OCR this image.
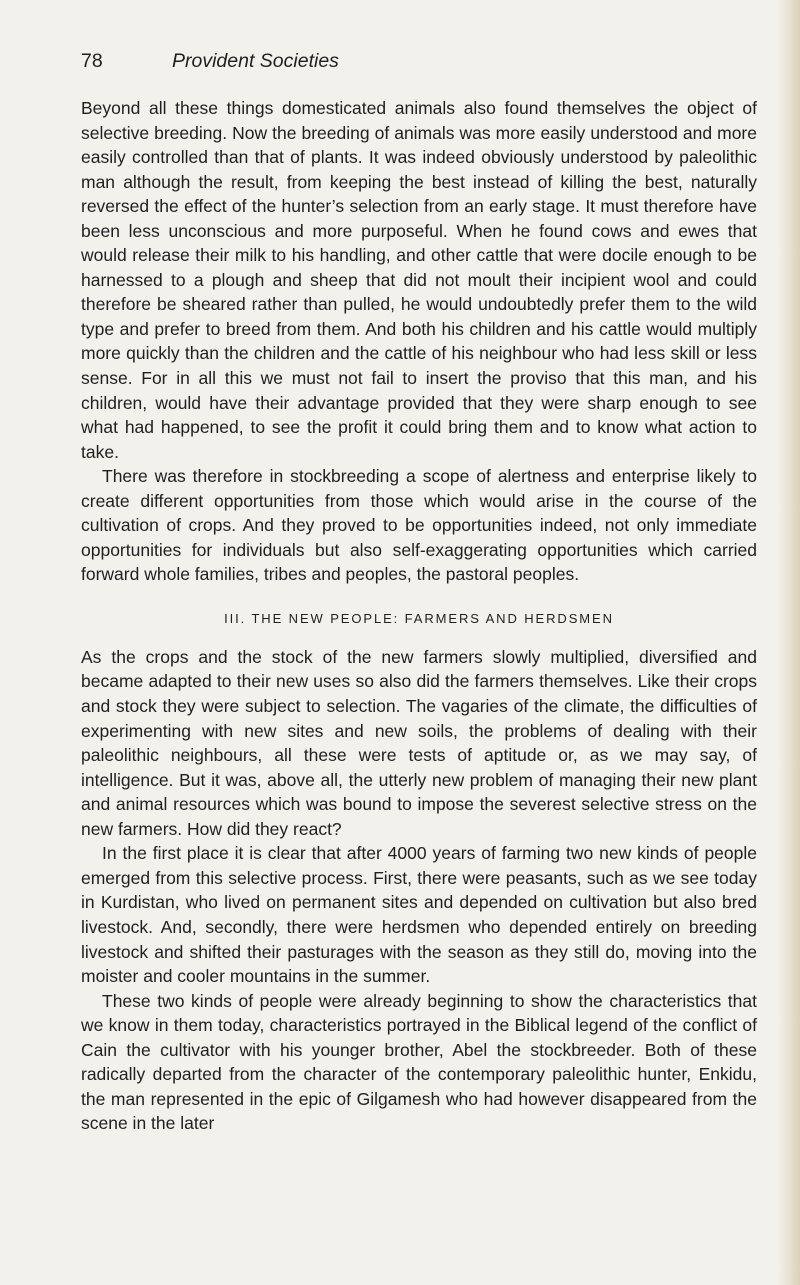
78	Provident Societies

Beyond all these things domesticated animals also found themselves the object of selective breeding. Now the breeding of animals was more easily understood and more easily controlled than that of plants. It was indeed obviously understood by paleolithic man although the result, from keeping the best instead of killing the best, naturally reversed the effect of the hunter’s selection from an early stage. It must therefore have been less unconscious and more purposeful. When he found cows and ewes that would release their milk to his handling, and other cattle that were docile enough to be harnessed to a plough and sheep that did not moult their incipient wool and could therefore be sheared rather than pulled, he would undoubtedly prefer them to the wild type and prefer to breed from them. And both his children and his cattle would multiply more quickly than the children and the cattle of his neighbour who had less skill or less sense. For in all this we must not fail to insert the proviso that this man, and his children, would have their advantage provided that they were sharp enough to see what had happened, to see the profit it could bring them and to know what action to take.

There was therefore in stockbreeding a scope of alertness and enterprise likely to create different opportunities from those which would arise in the course of the cultivation of crops. And they proved to be opportunities indeed, not only immediate opportunities for individuals but also self-exaggerating opportunities which carried forward whole families, tribes and peoples, the pastoral peoples.

III. THE NEW PEOPLE: FARMERS AND HERDSMEN

As the crops and the stock of the new farmers slowly multiplied, diversified and became adapted to their new uses so also did the farmers themselves. Like their crops and stock they were subject to selection. The vagaries of the climate, the difficulties of experimenting with new sites and new soils, the problems of dealing with their paleolithic neighbours, all these were tests of aptitude or, as we may say, of intelligence. But it was, above all, the utterly new problem of managing their new plant and animal resources which was bound to impose the severest selective stress on the new farmers. How did they react?

In the first place it is clear that after 4000 years of farming two new kinds of people emerged from this selective process. First, there were peasants, such as we see today in Kurdistan, who lived on permanent sites and depended on cultivation but also bred livestock. And, secondly, there were herdsmen who depended entirely on breeding livestock and shifted their pasturages with the season as they still do, moving into the moister and cooler mountains in the summer.

These two kinds of people were already beginning to show the characteristics that we know in them today, characteristics portrayed in the Biblical legend of the conflict of Cain the cultivator with his younger brother, Abel the stockbreeder. Both of these radically departed from the character of the contemporary paleolithic hunter, Enkidu, the man represented in the epic of Gilgamesh who had however disappeared from the scene in the later
